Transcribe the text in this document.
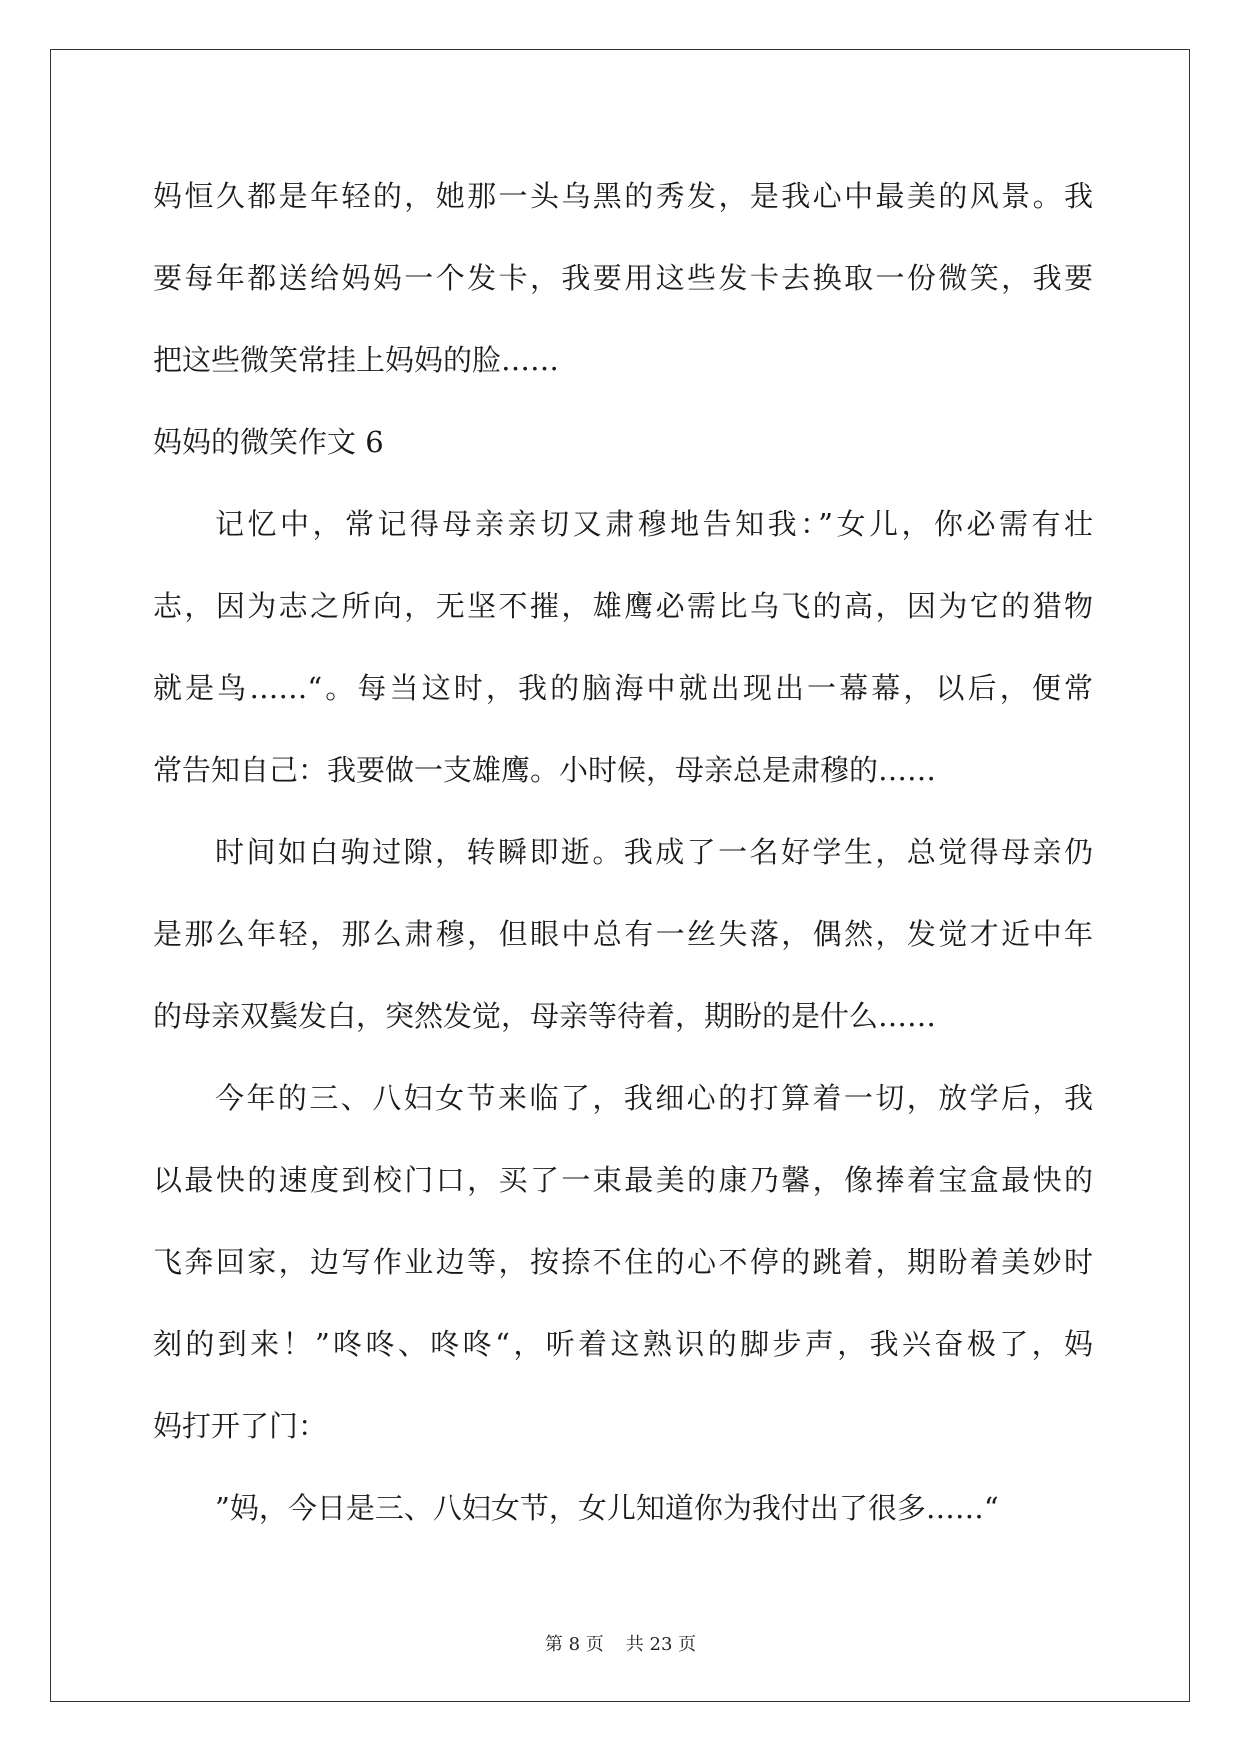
妈恒久都是年轻的，她那一头乌黑的秀发，是我心中最美的风景。我
要每年都送给妈妈一个发卡，我要用这些发卡去换取一份微笑，我要
把这些微笑常挂上妈妈的脸……
妈妈的微笑作文 6
记忆中，常记得母亲亲切又肃穆地告知我：”女儿，你必需有壮
志，因为志之所向，无坚不摧，雄鹰必需比乌飞的高，因为它的猎物
就是鸟……“。每当这时，我的脑海中就出现出一幕幕，以后，便常
常告知自己：我要做一支雄鹰。小时候，母亲总是肃穆的……
时间如白驹过隙，转瞬即逝。我成了一名好学生，总觉得母亲仍
是那么年轻，那么肃穆，但眼中总有一丝失落，偶然，发觉才近中年
的母亲双鬓发白，突然发觉，母亲等待着，期盼的是什么……
今年的三、八妇女节来临了，我细心的打算着一切，放学后，我
以最快的速度到校门口，买了一束最美的康乃馨，像捧着宝盒最快的
飞奔回家，边写作业边等，按捺不住的心不停的跳着，期盼着美妙时
刻的到来！”咚咚、咚咚“，听着这熟识的脚步声，我兴奋极了，妈
妈打开了门：
”妈，今日是三、八妇女节，女儿知道你为我付出了很多……“
第 8 页 共 23 页
